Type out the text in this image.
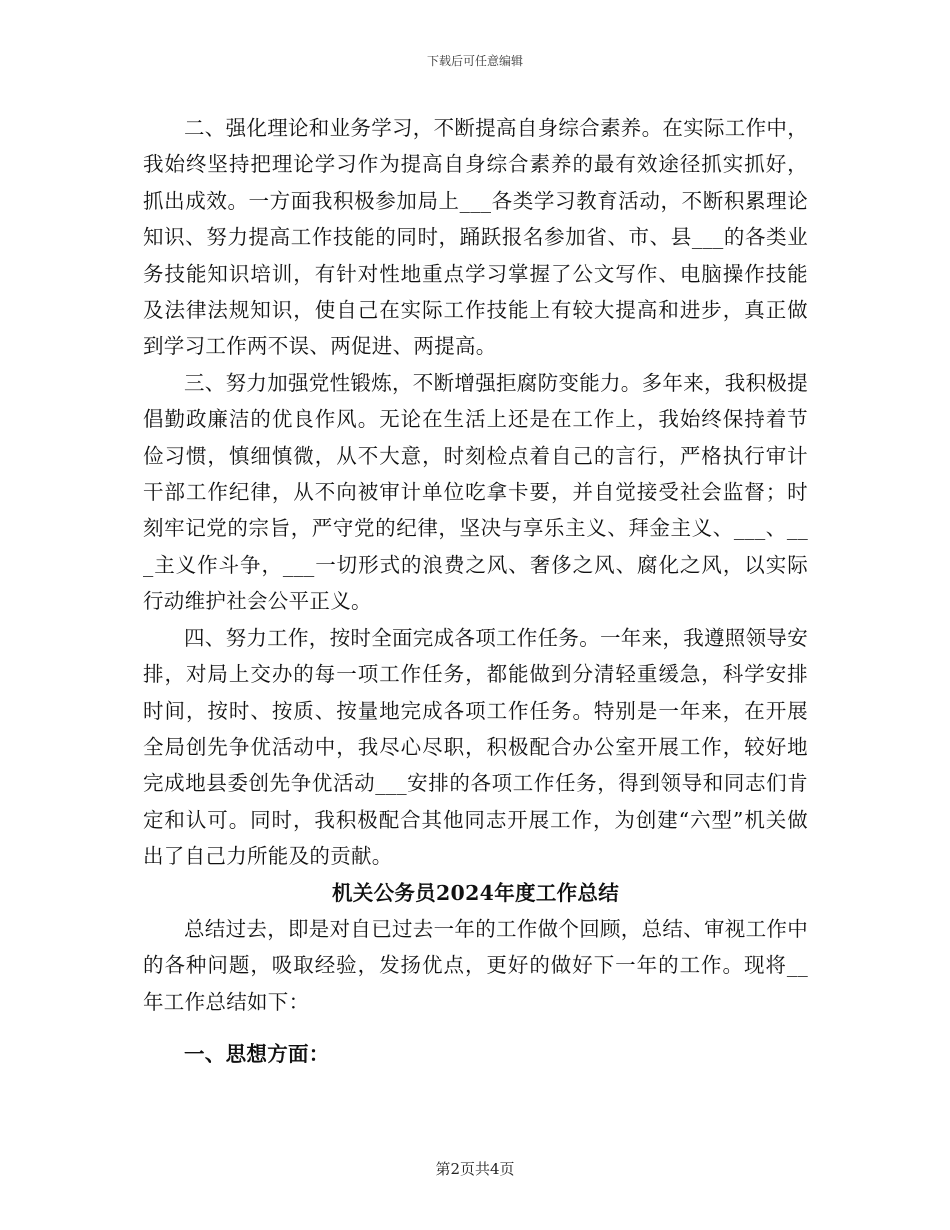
下载后可任意编辑

二、强化理论和业务学习，不断提高自身综合素养。在实际工作中，我始终坚持把理论学习作为提高自身综合素养的最有效途径抓实抓好，抓出成效。一方面我积极参加局上___各类学习教育活动，不断积累理论知识、努力提高工作技能的同时，踊跃报名参加省、市、县___的各类业务技能知识培训，有针对性地重点学习掌握了公文写作、电脑操作技能及法律法规知识，使自己在实际工作技能上有较大提高和进步，真正做到学习工作两不误、两促进、两提高。

三、努力加强党性锻炼，不断增强拒腐防变能力。多年来，我积极提倡勤政廉洁的优良作风。无论在生活上还是在工作上，我始终保持着节俭习惯，慎细慎微，从不大意，时刻检点着自己的言行，严格执行审计干部工作纪律，从不向被审计单位吃拿卡要，并自觉接受社会监督；时刻牢记党的宗旨，严守党的纪律，坚决与享乐主义、拜金主义、___、___主义作斗争，___一切形式的浪费之风、奢侈之风、腐化之风，以实际行动维护社会公平正义。

四、努力工作，按时全面完成各项工作任务。一年来，我遵照领导安排，对局上交办的每一项工作任务，都能做到分清轻重缓急，科学安排时间，按时、按质、按量地完成各项工作任务。特别是一年来，在开展全局创先争优活动中，我尽心尽职，积极配合办公室开展工作，较好地完成地县委创先争优活动___安排的各项工作任务，得到领导和同志们肯定和认可。同时，我积极配合其他同志开展工作，为创建“六型”机关做出了自己力所能及的贡献。

机关公务员2024年度工作总结

总结过去，即是对自已过去一年的工作做个回顾，总结、审视工作中的各种问题，吸取经验，发扬优点，更好的做好下一年的工作。现将__年工作总结如下：

一、思想方面：

第2页共4页
